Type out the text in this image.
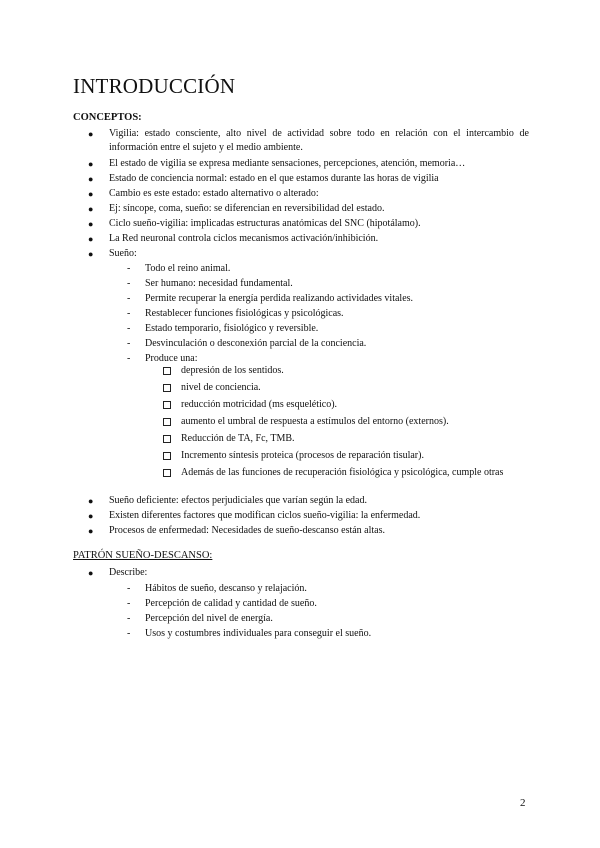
INTRODUCCIÓN

CONCEPTOS:

● Vigilia: estado consciente, alto nivel de actividad sobre todo en relación con el intercambio de información entre el sujeto y el medio ambiente.

● El estado de vigilia se expresa mediante sensaciones, percepciones, atención, memoria…

● Estado de conciencia normal: estado en el que estamos durante las horas de vigilia

● Cambio es este estado: estado alternativo o alterado:

● Ej: síncope, coma, sueño: se diferencian en reversibilidad del estado.

● Ciclo sueño-vigilia: implicadas estructuras anatómicas del SNC (hipotálamo).

● La Red neuronal controla ciclos mecanismos activación/inhibición.

● Sueño:

- Todo el reino animal.

- Ser humano: necesidad fundamental.

- Permite recuperar la energía perdida realizando actividades vitales.

- Restablecer funciones fisiológicas y psicológicas.

- Estado temporario, fisiológico y reversible.

- Desvinculación o desconexión parcial de la conciencia.

- Produce una:

depresión de los sentidos.

nivel de conciencia.

reducción motricidad (ms esquelético).

aumento el umbral de respuesta a estímulos del entorno (externos).

Reducción de TA, Fc, TMB.

Incremento síntesis proteica (procesos de reparación tisular).

Además de las funciones de recuperación fisiológica y psicológica, cumple otras

● Sueño deficiente: efectos perjudiciales que varían según la edad.

● Existen diferentes factores que modifican ciclos sueño-vigilia: la enfermedad.

● Procesos de enfermedad: Necesidades de sueño-descanso están altas.

PATRÓN SUEÑO-DESCANSO:

● Describe:

- Hábitos de sueño, descanso y relajación.

- Percepción de calidad y cantidad de sueño.

- Percepción del nivel de energía.

- Usos y costumbres individuales para conseguir el sueño.

2
